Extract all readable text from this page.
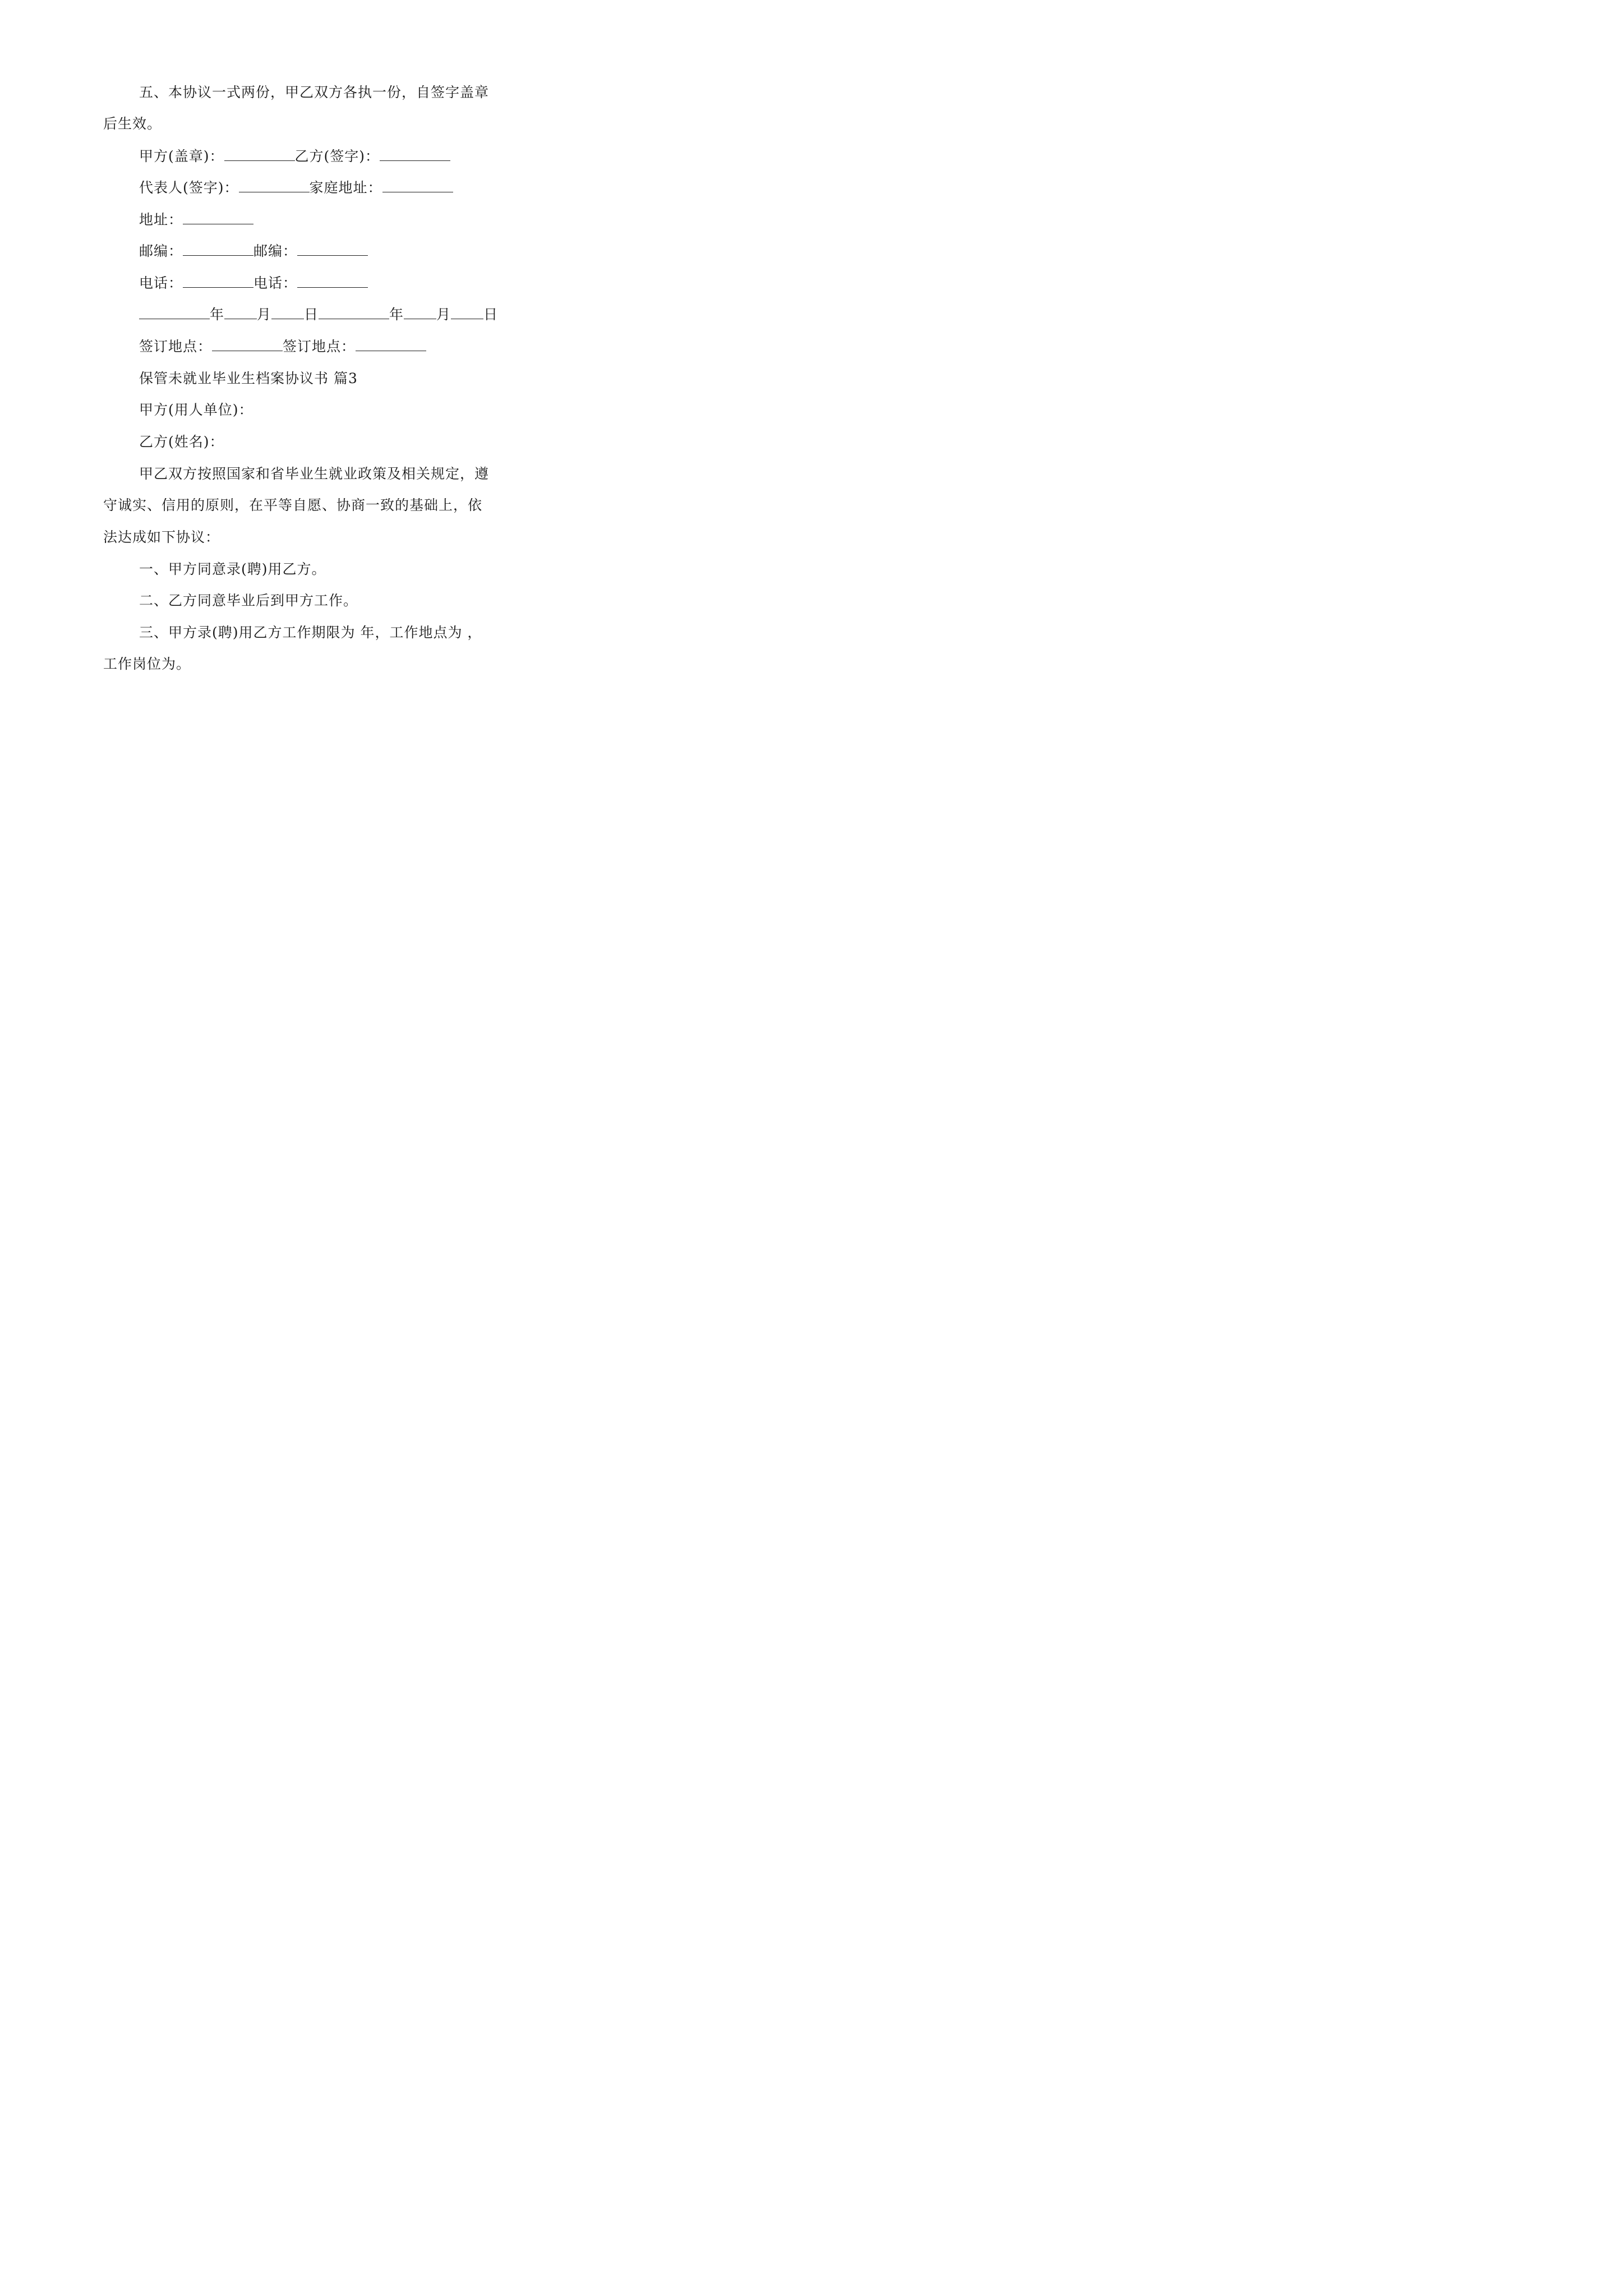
五、本协议一式两份，甲乙双方各执一份，自签字盖章
后生效。
甲方(盖章)：	乙方(签字)：
代表人(签字)：	家庭地址：
地址：
邮编：	邮编：
电话：	电话：
年 月 日	年 月 日
签订地点：	签订地点：
保管未就业毕业生档案协议书 篇3
甲方(用人单位)：
乙方(姓名)：
甲乙双方按照国家和省毕业生就业政策及相关规定，遵
守诚实、信用的原则，在平等自愿、协商一致的基础上，依
法达成如下协议：
一、甲方同意录(聘)用乙方。
二、乙方同意毕业后到甲方工作。
三、甲方录(聘)用乙方工作期限为 年，工作地点为 ，
工作岗位为。
